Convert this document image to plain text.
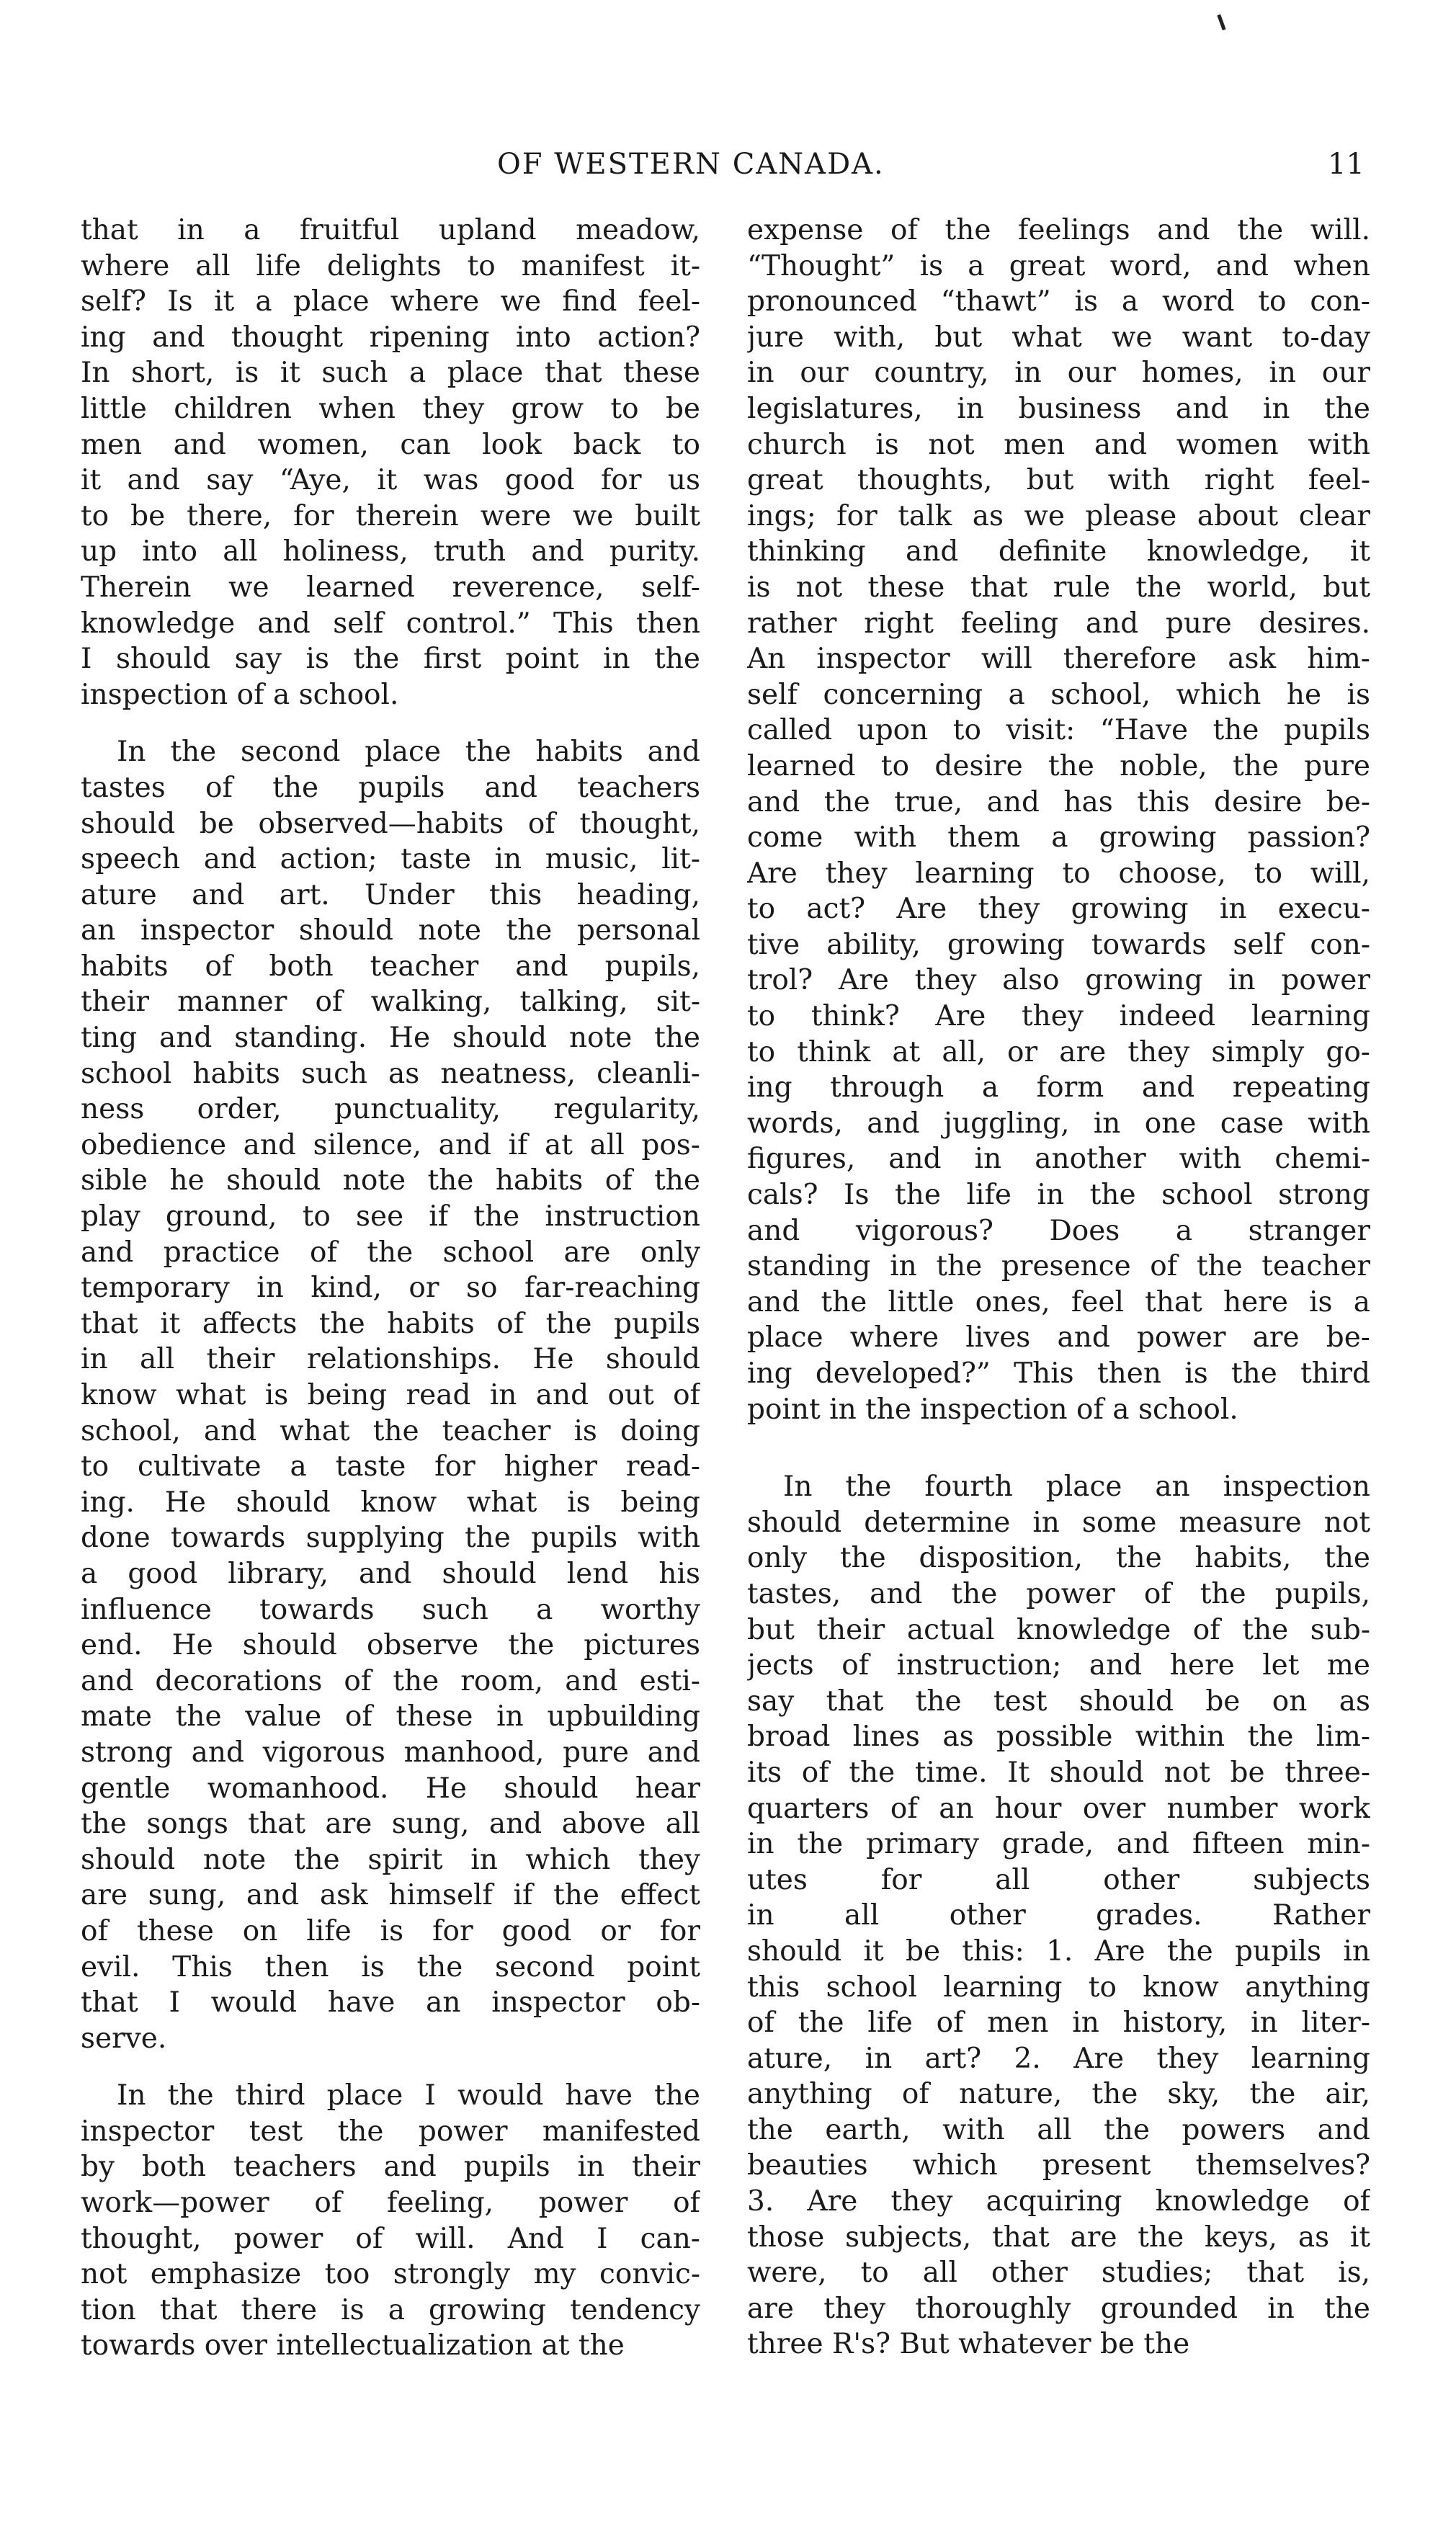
OF WESTERN CANADA.	11
that in a fruitful upland meadow,
where all life delights to manifest it-
self? Is it a place where we find feel-
ing and thought ripening into action?
In short, is it such a place that these
little children when they grow to be
men and women, can look back to
it and say “Aye, it was good for us
to be there, for therein were we built
up into all holiness, truth and purity.
Therein we learned reverence, self-
knowledge and self control.” This then
I should say is the first point in the
inspection of a school.
In the second place the habits and
tastes of the pupils and teachers
should be observed—habits of thought,
speech and action; taste in music, lit-
ature and art. Under this heading,
an inspector should note the personal
habits of both teacher and pupils,
their manner of walking, talking, sit-
ting and standing. He should note the
school habits such as neatness, cleanli-
ness order, punctuality, regularity,
obedience and silence, and if at all pos-
sible he should note the habits of the
play ground, to see if the instruction
and practice of the school are only
temporary in kind, or so far-reaching
that it affects the habits of the pupils
in all their relationships. He should
know what is being read in and out of
school, and what the teacher is doing
to cultivate a taste for higher read-
ing. He should know what is being
done towards supplying the pupils with
a good library, and should lend his
influence towards such a worthy
end. He should observe the pictures
and decorations of the room, and esti-
mate the value of these in upbuilding
strong and vigorous manhood, pure and
gentle womanhood. He should hear
the songs that are sung, and above all
should note the spirit in which they
are sung, and ask himself if the effect
of these on life is for good or for
evil. This then is the second point
that I would have an inspector ob-
serve.
In the third place I would have the
inspector test the power manifested
by both teachers and pupils in their
work—power of feeling, power of
thought, power of will. And I can-
not emphasize too strongly my convic-
tion that there is a growing tendency
towards over intellectualization at the
expense of the feelings and the will.
“Thought” is a great word, and when
pronounced “thawt” is a word to con-
jure with, but what we want to-day
in our country, in our homes, in our
legislatures, in business and in the
church is not men and women with
great thoughts, but with right feel-
ings; for talk as we please about clear
thinking and definite knowledge, it
is not these that rule the world, but
rather right feeling and pure desires.
An inspector will therefore ask him-
self concerning a school, which he is
called upon to visit: “Have the pupils
learned to desire the noble, the pure
and the true, and has this desire be-
come with them a growing passion?
Are they learning to choose, to will,
to act? Are they growing in execu-
tive ability, growing towards self con-
trol? Are they also growing in power
to think? Are they indeed learning
to think at all, or are they simply go-
ing through a form and repeating
words, and juggling, in one case with
figures, and in another with chemi-
cals? Is the life in the school strong
and vigorous? Does a stranger
standing in the presence of the teacher
and the little ones, feel that here is a
place where lives and power are be-
ing developed?” This then is the third
point in the inspection of a school.
In the fourth place an inspection
should determine in some measure not
only the disposition, the habits, the
tastes, and the power of the pupils,
but their actual knowledge of the sub-
jects of instruction; and here let me
say that the test should be on as
broad lines as possible within the lim-
its of the time. It should not be three-
quarters of an hour over number work
in the primary grade, and fifteen min-
utes for all other subjects
in all other grades. Rather
should it be this: 1. Are the pupils in
this school learning to know anything
of the life of men in history, in liter-
ature, in art? 2. Are they learning
anything of nature, the sky, the air,
the earth, with all the powers and
beauties which present themselves?
3. Are they acquiring knowledge of
those subjects, that are the keys, as it
were, to all other studies; that is,
are they thoroughly grounded in the
three R's? But whatever be the
